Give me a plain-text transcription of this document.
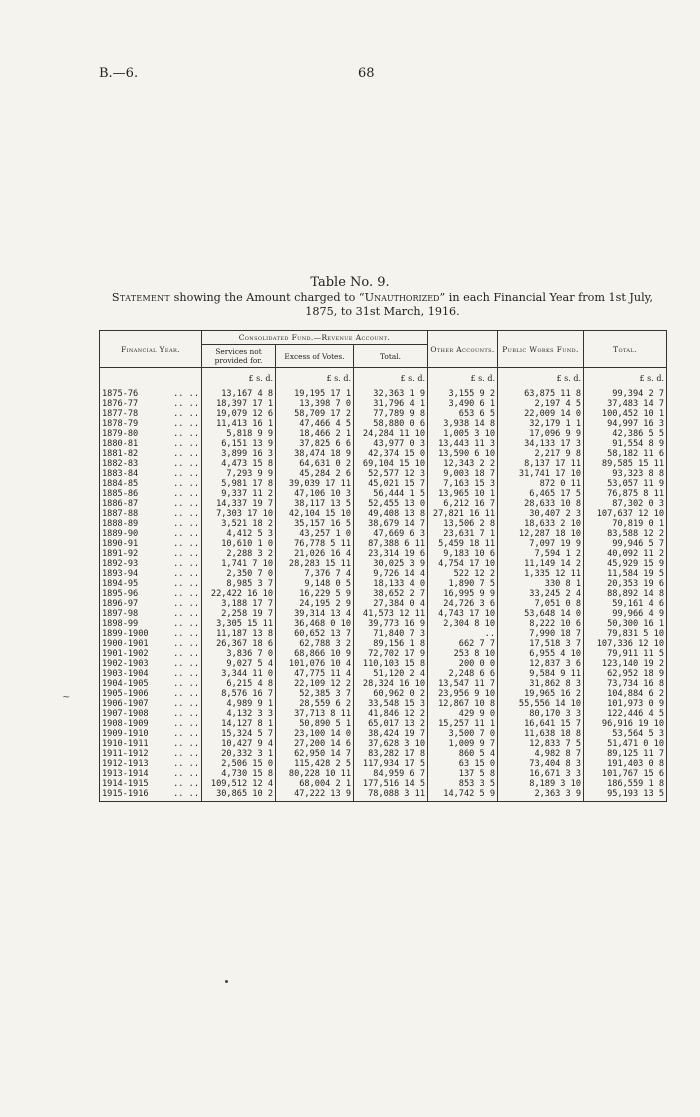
B.—6.	68
Table No. 9.
Statement showing the Amount charged to “Unauthorized” in each Financial Year from 1st July, 1875, to 31st March, 1916.
Financial Year.	Consolidated Fund.—Revenue Account.			Other Accounts.	Public Works Fund.	Total.
	Services not provided for.	Excess of Votes.	Total.			
	£ s. d.	£ s. d.	£ s. d.	£ s. d.	£ s. d.	£ s. d.

1875-76 .. ..	13,167 4 8	19,195 17 1	32,363 1 9	3,155 9 2	63,875 11 8	99,394 2 7
1876-77 .. ..	18,397 17 1	13,398 7 0	31,796 4 1	3,490 6 1	2,197 4 5	37,483 14 7
1877-78 .. ..	19,079 12 6	58,709 17 2	77,789 9 8	653 6 5	22,009 14 0	100,452 10 1
1878-79 .. ..	11,413 16 1	47,466 4 5	58,880 0 6	3,938 14 8	32,179 1 1	94,997 16 3
1879-80 .. ..	5,818 9 9	18,466 2 1	24,284 11 10	1,005 3 10	17,096 9 9	42,386 5 5
1880-81 .. ..	6,151 13 9	37,825 6 6	43,977 0 3	13,443 11 3	34,133 17 3	91,554 8 9
1881-82 .. ..	3,899 16 3	38,474 18 9	42,374 15 0	13,590 6 10	2,217 9 8	58,182 11 6
1882-83 .. ..	4,473 15 8	64,631 0 2	69,104 15 10	12,343 2 2	8,137 17 11	89,585 15 11
1883-84 .. ..	7,293 9 9	45,284 2 6	52,577 12 3	9,003 18 7	31,741 17 10	93,323 8 8
1884-85 .. ..	5,981 17 8	39,039 17 11	45,021 15 7	7,163 15 3	872 0 11	53,057 11 9
1885-86 .. ..	9,337 11 2	47,106 10 3	56,444 1 5	13,965 10 1	6,465 17 5	76,875 8 11
1886-87 .. ..	14,337 19 7	38,117 13 5	52,455 13 0	6,212 16 7	28,633 10 8	87,302 0 3
1887-88 .. ..	7,303 17 10	42,104 15 10	49,408 13 8	27,821 16 11	30,407 2 3	107,637 12 10
1888-89 .. ..	3,521 18 2	35,157 16 5	38,679 14 7	13,506 2 8	18,633 2 10	70,819 0 1
1889-90 .. ..	4,412 5 3	43,257 1 0	47,669 6 3	23,631 7 1	12,287 18 10	83,588 12 2
1890-91 .. ..	10,610 1 0	76,778 5 11	87,388 6 11	5,459 18 11	7,097 19 9	99,946 5 7
1891-92 .. ..	2,288 3 2	21,026 16 4	23,314 19 6	9,183 10 6	7,594 1 2	40,092 11 2
1892-93 .. ..	1,741 7 10	28,283 15 11	30,025 3 9	4,754 17 10	11,149 14 2	45,929 15 9
1893-94 .. ..	2,350 7 0	7,376 7 4	9,726 14 4	522 12 2	1,335 12 11	11,584 19 5
1894-95 .. ..	8,985 3 7	9,148 0 5	18,133 4 0	1,890 7 5	330 8 1	20,353 19 6
1895-96 .. ..	22,422 16 10	16,229 5 9	38,652 2 7	16,995 9 9	33,245 2 4	88,892 14 8
1896-97 .. ..	3,188 17 7	24,195 2 9	27,384 0 4	24,726 3 6	7,051 0 8	59,161 4 6
1897-98 .. ..	2,258 19 7	39,314 13 4	41,573 12 11	4,743 17 10	53,648 14 0	99,966 4 9
1898-99 .. ..	3,305 15 11	36,468 0 10	39,773 16 9	2,304 8 10	8,222 10 6	50,300 16 1
1899-1900 .. ..	11,187 13 8	60,652 13 7	71,840 7 3	..	7,990 18 7	79,831 5 10
1900-1901 .. ..	26,367 18 6	62,788 3 2	89,156 1 8	662 7 7	17,518 3 7	107,336 12 10
1901-1902 .. ..	3,836 7 0	68,866 10 9	72,702 17 9	253 8 10	6,955 4 10	79,911 11 5
1902-1903 .. ..	9,027 5 4	101,076 10 4	110,103 15 8	200 0 0	12,837 3 6	123,140 19 2
1903-1904 .. ..	3,344 11 0	47,775 11 4	51,120 2 4	2,248 6 6	9,584 9 11	62,952 18 9
1904-1905 .. ..	6,215 4 8	22,109 12 2	28,324 16 10	13,547 11 7	31,862 8 3	73,734 16 8
1905-1906 .. ..	8,576 16 7	52,385 3 7	60,962 0 2	23,956 9 10	19,965 16 2	104,884 6 2
1906-1907 .. ..	4,989 9 1	28,559 6 2	33,548 15 3	12,867 10 8	55,556 14 10	101,973 0 9
1907-1908 .. ..	4,132 3 3	37,713 8 11	41,846 12 2	429 9 0	80,170 3 3	122,446 4 5
1908-1909 .. ..	14,127 8 1	50,890 5 1	65,017 13 2	15,257 11 1	16,641 15 7	96,916 19 10
1909-1910 .. ..	15,324 5 7	23,100 14 0	38,424 19 7	3,500 7 0	11,638 18 8	53,564 5 3
1910-1911 .. ..	10,427 9 4	27,200 14 6	37,628 3 10	1,009 9 7	12,833 7 5	51,471 0 10
1911-1912 .. ..	20,332 3 1	62,950 14 7	83,282 17 8	860 5 4	4,982 8 7	89,125 11 7
1912-1913 .. ..	2,506 15 0	115,428 2 5	117,934 17 5	63 15 0	73,404 8 3	191,403 0 8
1913-1914 .. ..	4,730 15 8	80,228 10 11	84,959 6 7	137 5 8	16,671 3 3	101,767 15 6
1914-1915 .. ..	109,512 12 4	68,004 2 1	177,516 14 5	853 3 5	8,189 3 10	186,559 1 8
1915-1916 .. ..	30,865 10 2	47,222 13 9	78,088 3 11	14,742 5 9	2,363 3 9	95,193 13 5
~
